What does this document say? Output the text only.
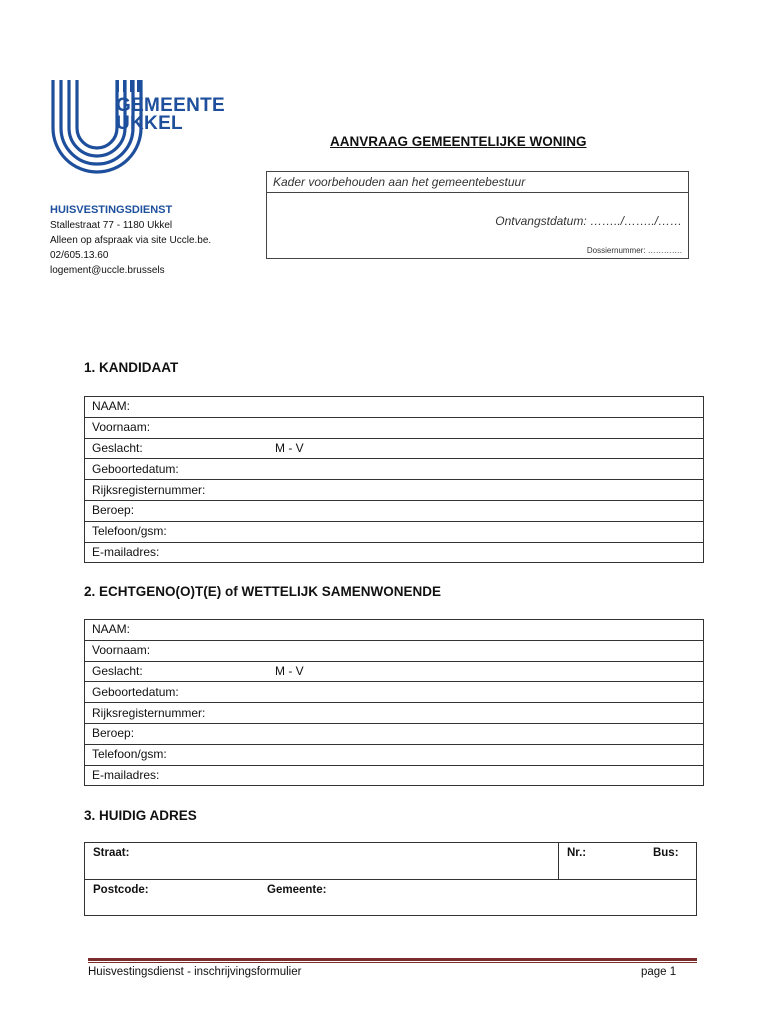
GEMEENTE
UKKEL
HUISVESTINGSDIENST
Stallestraat 77 - 1180 Ukkel
Alleen op afspraak via site Uccle.be.
02/605.13.60
logement@uccle.brussels
AANVRAAG GEMEENTELIJKE WONING
Kader voorbehouden aan het gemeentebestuur
Ontvangstdatum: ……../……../……
Dossiernummer: ………….
1. KANDIDAAT
NAAM:
Voornaam:
Geslacht:	M - V
Geboortedatum:
Rijksregisternummer:
Beroep:
Telefoon/gsm:
E-mailadres:
2. ECHTGENO(O)T(E) of WETTELIJK SAMENWONENDE
NAAM:
Voornaam:
Geslacht:	M - V
Geboortedatum:
Rijksregisternummer:
Beroep:
Telefoon/gsm:
E-mailadres:
3. HUIDIG ADRES
Straat:		Nr.:	Bus:
Postcode:	Gemeente:		
Huisvestingsdienst - inschrijvingsformulier	page 1
